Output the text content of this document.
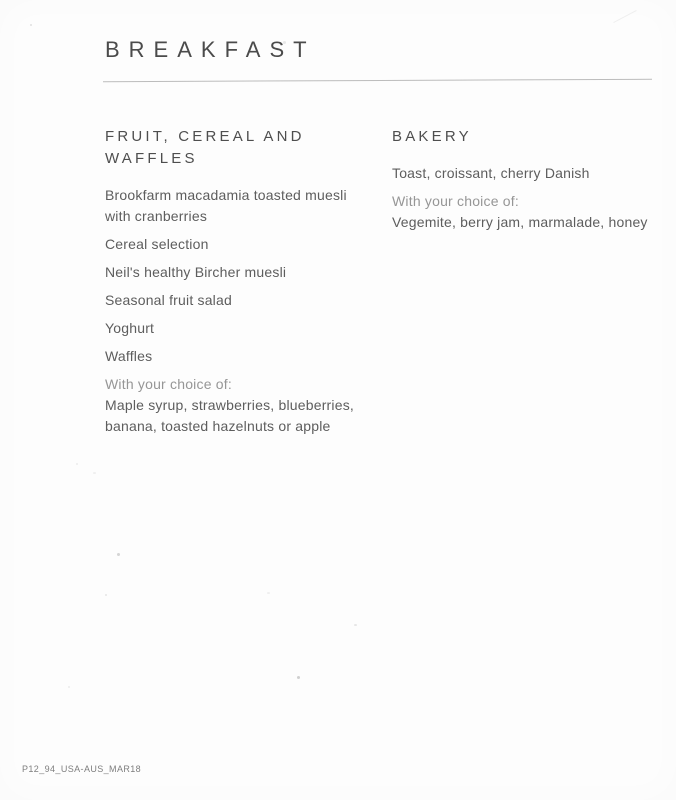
BREAKFAST
FRUIT, CEREAL AND WAFFLES

Brookfarm macadamia toasted muesli with cranberries

Cereal selection

Neil's healthy Bircher muesli

Seasonal fruit salad

Yoghurt

Waffles

With your choice of:

Maple syrup, strawberries, blueberries, banana, toasted hazelnuts or apple

BAKERY

Toast, croissant, cherry Danish

With your choice of:

Vegemite, berry jam, marmalade, honey

P12_94_USA-AUS_MAR18
